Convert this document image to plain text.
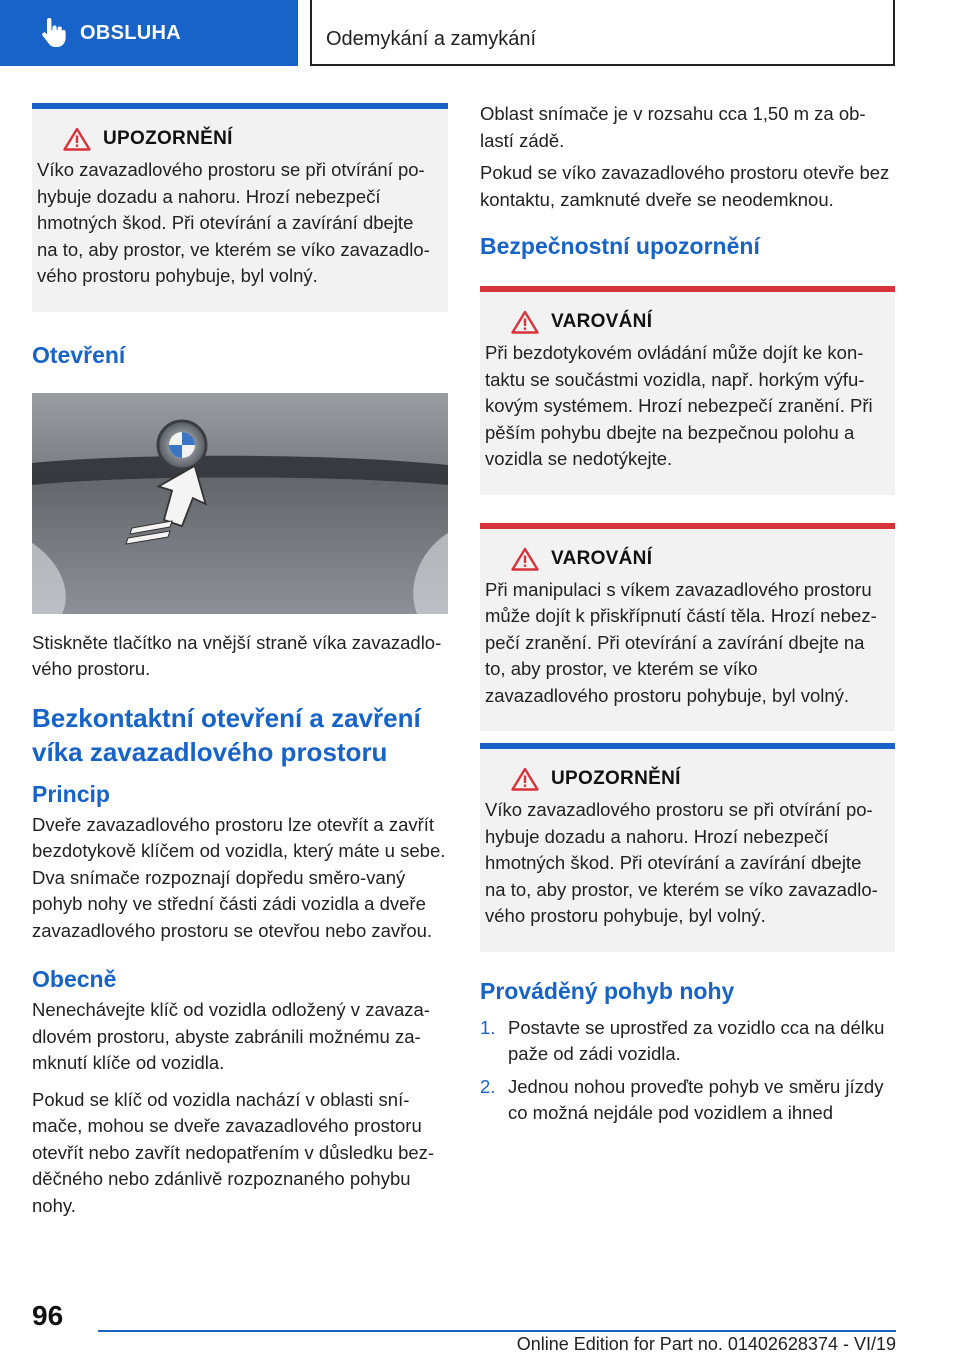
OBSLUHA	Odemykání a zamykání
UPOZORNĚNÍ

Víko zavazadlového prostoru se při otvírání po-hybuje dozadu a nahoru. Hrozí nebezpečí hmotných škod. Při otevírání a zavírání dbejte na to, aby prostor, ve kterém se víko zavazadlo-vého prostoru pohybuje, byl volný.

Otevření

Stiskněte tlačítko na vnější straně víka zavazadlo-vého prostoru.

Bezkontaktní otevření a zavření víka zavazadlového prostoru
Princip

Dveře zavazadlového prostoru lze otevřít a zavřít bezdotykově klíčem od vozidla, který máte u sebe. Dva snímače rozpoznají dopředu směro-vaný pohyb nohy ve střední části zádi vozidla a dveře zavazadlového prostoru se otevřou nebo zavřou.

Obecně

Nenechávejte klíč od vozidla odložený v zavaza-dlovém prostoru, abyste zabránili možnému za-mknutí klíče od vozidla.

Pokud se klíč od vozidla nachází v oblasti sní-mače, mohou se dveře zavazadlového prostoru otevřít nebo zavřít nedopatřením v důsledku bez-děčného nebo zdánlivě rozpoznaného pohybu nohy.

Oblast snímače je v rozsahu cca 1,50 m za ob-lastí zádě.

Pokud se víko zavazadlového prostoru otevře bez kontaktu, zamknuté dveře se neodemknou.

Bezpečnostní upozornění
VAROVÁNÍ

Při bezdotykovém ovládání může dojít ke kon-taktu se součástmi vozidla, např. horkým výfu-kovým systémem. Hrozí nebezpečí zranění. Při pěším pohybu dbejte na bezpečnou polohu a vozidla se nedotýkejte.

VAROVÁNÍ

Při manipulaci s víkem zavazadlového prostoru může dojít k přiskřípnutí částí těla. Hrozí nebez-pečí zranění. Při otevírání a zavírání dbejte na to, aby prostor, ve kterém se víko zavazadlového prostoru pohybuje, byl volný.

UPOZORNĚNÍ

Víko zavazadlového prostoru se při otvírání po-hybuje dozadu a nahoru. Hrozí nebezpečí hmotných škod. Při otevírání a zavírání dbejte na to, aby prostor, ve kterém se víko zavazadlo-vého prostoru pohybuje, byl volný.

Prováděný pohyb nohy
1. Postavte se uprostřed za vozidlo cca na délku paže od zádi vozidla.
2. Jednou nohou proveďte pohyb ve směru jízdy co možná nejdále pod vozidlem a ihned
96
Online Edition for Part no. 01402628374 - VI/19
